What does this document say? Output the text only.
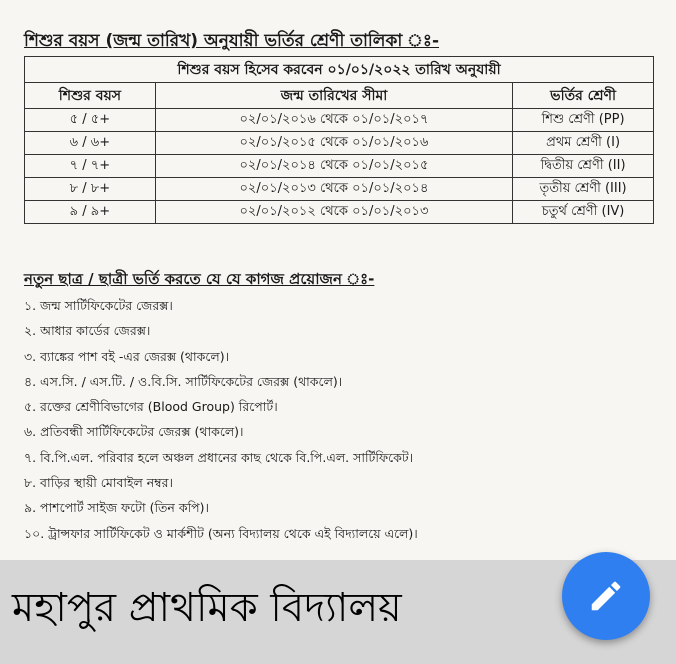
শিশুর বয়স (জন্ম তারিখ) অনুযায়ী ভর্তির শ্রেণী তালিকা ঃ-
শিশুর বয়স হিসেব করবেন ০১/০১/২০২২ তারিখ অনুযায়ী		
শিশুর বয়স	জন্ম তারিখের সীমা	ভর্তির শ্রেণী
৫ / ৫+	০২/০১/২০১৬ থেকে ০১/০১/২০১৭	শিশু শ্রেণী (PP)
৬ / ৬+	০২/০১/২০১৫ থেকে ০১/০১/২০১৬	প্রথম শ্রেণী (I)
৭ / ৭+	০২/০১/২০১৪ থেকে ০১/০১/২০১৫	দ্বিতীয় শ্রেণী (II)
৮ / ৮+	০২/০১/২০১৩ থেকে ০১/০১/২০১৪	তৃতীয় শ্রেণী (III)
৯ / ৯+	০২/০১/২০১২ থেকে ০১/০১/২০১৩	চতুর্থ শ্রেণী (IV)
নতুন ছাত্র / ছাত্রী ভর্তি করতে যে যে কাগজ প্রয়োজন ঃ-
১. জন্ম সার্টিফিকেটের জেরক্স।
২. আধার কার্ডের জেরক্স।
৩. ব্যাঙ্কের পাশ বই -এর জেরক্স (থাকলে)।
৪. এস.সি. / এস.টি. / ও.বি.সি. সার্টিফিকেটের জেরক্স (থাকলে)।
৫. রক্তের শ্রেণীবিভাগের (Blood Group) রিপোর্ট।
৬. প্রতিবন্ধী সার্টিফিকেটের জেরক্স (থাকলে)।
৭. বি.পি.এল. পরিবার হলে অঞ্চল প্রধানের কাছ থেকে বি.পি.এল. সার্টিফিকেট।
৮. বাড়ির স্থায়ী মোবাইল নম্বর।
৯. পাশপোর্ট সাইজ ফটো (তিন কপি)।
১০. ট্রান্সফার সার্টিফিকেট ও মার্কশীট (অন্য বিদ্যালয় থেকে এই বিদ্যালয়ে এলে)।
মহাপুর প্রাথমিক বিদ্যালয়
